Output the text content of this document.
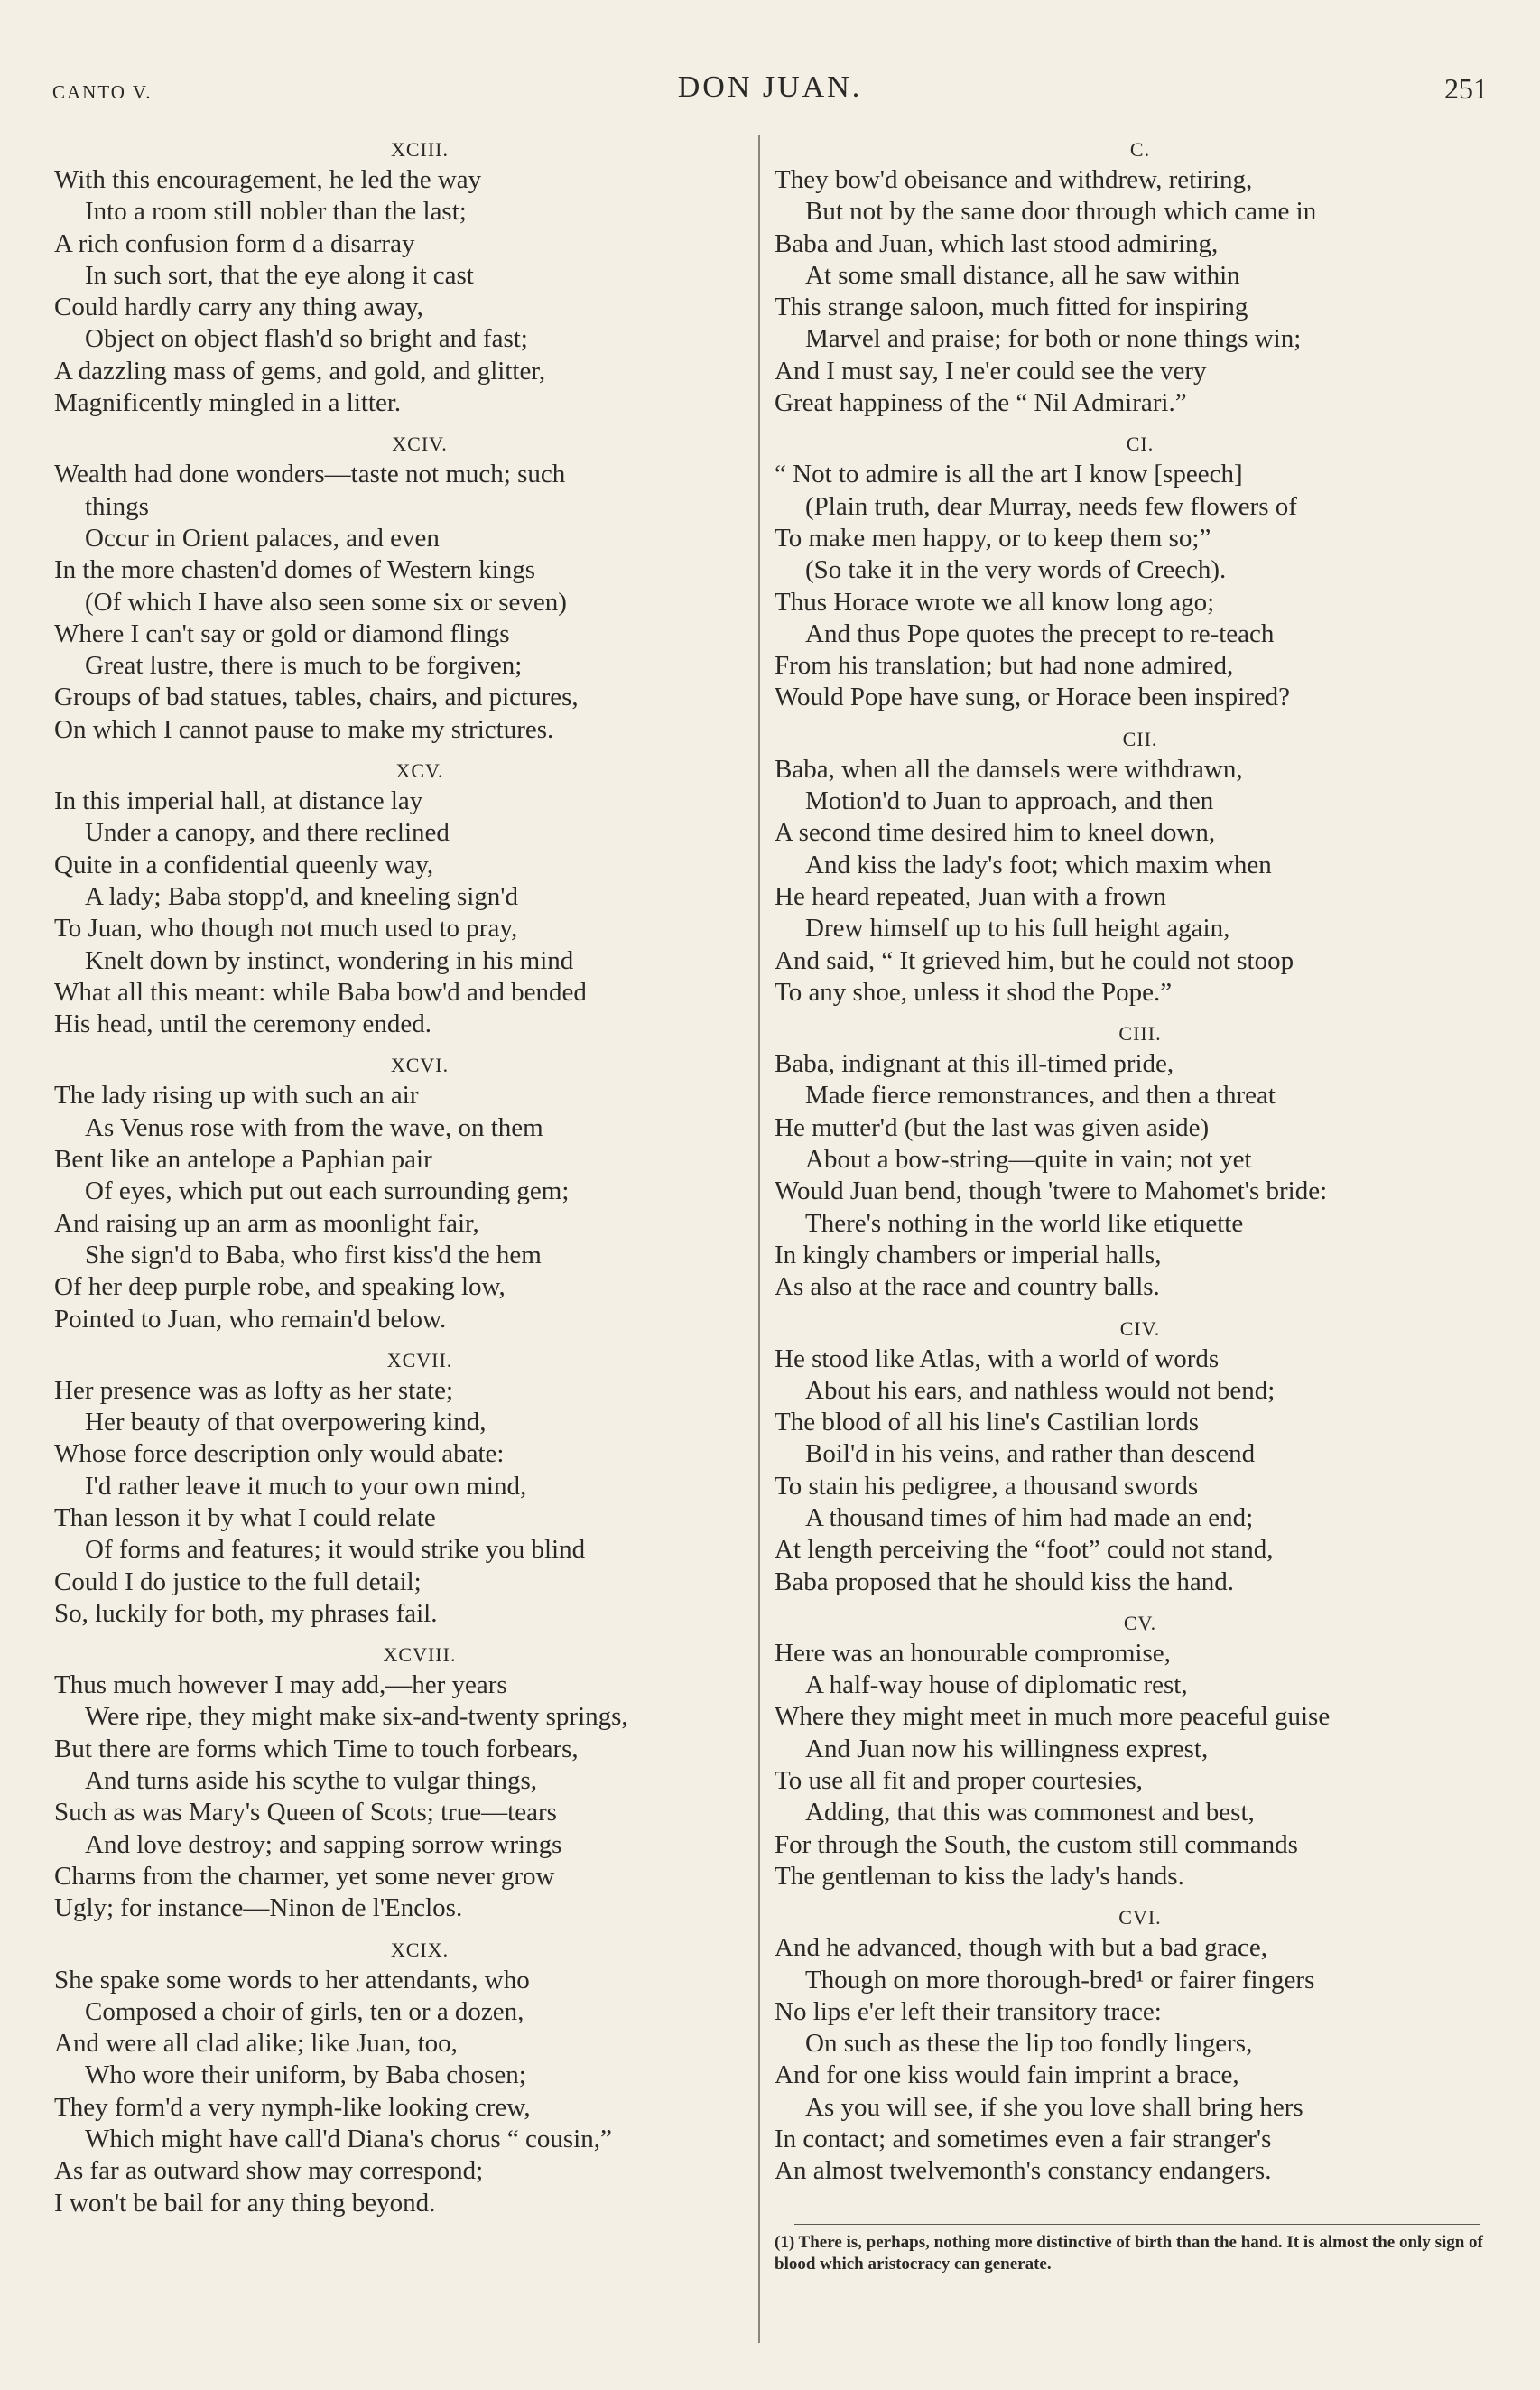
CANTO V.	DON JUAN.	251
XCIII.
With this encouragement, he led the way
Into a room still nobler than the last;
A rich confusion form d a disarray
In such sort, that the eye along it cast
Could hardly carry any thing away,
Object on object flash'd so bright and fast;
A dazzling mass of gems, and gold, and glitter,
Magnificently mingled in a litter.
XCIV.
Wealth had done wonders—taste not much; such
things
Occur in Orient palaces, and even
In the more chasten'd domes of Western kings
(Of which I have also seen some six or seven)
Where I can't say or gold or diamond flings
Great lustre, there is much to be forgiven;
Groups of bad statues, tables, chairs, and pictures,
On which I cannot pause to make my strictures.
XCV.
In this imperial hall, at distance lay
Under a canopy, and there reclined
Quite in a confidential queenly way,
A lady; Baba stopp'd, and kneeling sign'd
To Juan, who though not much used to pray,
Knelt down by instinct, wondering in his mind
What all this meant: while Baba bow'd and bended
His head, until the ceremony ended.
XCVI.
The lady rising up with such an air
As Venus rose with from the wave, on them
Bent like an antelope a Paphian pair
Of eyes, which put out each surrounding gem;
And raising up an arm as moonlight fair,
She sign'd to Baba, who first kiss'd the hem
Of her deep purple robe, and speaking low,
Pointed to Juan, who remain'd below.
XCVII.
Her presence was as lofty as her state;
Her beauty of that overpowering kind,
Whose force description only would abate:
I'd rather leave it much to your own mind,
Than lesson it by what I could relate
Of forms and features; it would strike you blind
Could I do justice to the full detail;
So, luckily for both, my phrases fail.
XCVIII.
Thus much however I may add,—her years
Were ripe, they might make six-and-twenty springs,
But there are forms which Time to touch forbears,
And turns aside his scythe to vulgar things,
Such as was Mary's Queen of Scots; true—tears
And love destroy; and sapping sorrow wrings
Charms from the charmer, yet some never grow
Ugly; for instance—Ninon de l'Enclos.
XCIX.
She spake some words to her attendants, who
Composed a choir of girls, ten or a dozen,
And were all clad alike; like Juan, too,
Who wore their uniform, by Baba chosen;
They form'd a very nymph-like looking crew,
Which might have call'd Diana's chorus “ cousin,”
As far as outward show may correspond;
I won't be bail for any thing beyond.
C.
They bow'd obeisance and withdrew, retiring,
But not by the same door through which came in
Baba and Juan, which last stood admiring,
At some small distance, all he saw within
This strange saloon, much fitted for inspiring
Marvel and praise; for both or none things win;
And I must say, I ne'er could see the very
Great happiness of the “ Nil Admirari.”
CI.
“ Not to admire is all the art I know [speech]
(Plain truth, dear Murray, needs few flowers of
To make men happy, or to keep them so;”
(So take it in the very words of Creech).
Thus Horace wrote we all know long ago;
And thus Pope quotes the precept to re-teach
From his translation; but had none admired,
Would Pope have sung, or Horace been inspired?
CII.
Baba, when all the damsels were withdrawn,
Motion'd to Juan to approach, and then
A second time desired him to kneel down,
And kiss the lady's foot; which maxim when
He heard repeated, Juan with a frown
Drew himself up to his full height again,
And said, “ It grieved him, but he could not stoop
To any shoe, unless it shod the Pope.”
CIII.
Baba, indignant at this ill-timed pride,
Made fierce remonstrances, and then a threat
He mutter'd (but the last was given aside)
About a bow-string—quite in vain; not yet
Would Juan bend, though 'twere to Mahomet's bride:
There's nothing in the world like etiquette
In kingly chambers or imperial halls,
As also at the race and country balls.
CIV.
He stood like Atlas, with a world of words
About his ears, and nathless would not bend;
The blood of all his line's Castilian lords
Boil'd in his veins, and rather than descend
To stain his pedigree, a thousand swords
A thousand times of him had made an end;
At length perceiving the “foot” could not stand,
Baba proposed that he should kiss the hand.
CV.
Here was an honourable compromise,
A half-way house of diplomatic rest,
Where they might meet in much more peaceful guise
And Juan now his willingness exprest,
To use all fit and proper courtesies,
Adding, that this was commonest and best,
For through the South, the custom still commands
The gentleman to kiss the lady's hands.
CVI.
And he advanced, though with but a bad grace,
Though on more thorough-bred¹ or fairer fingers
No lips e'er left their transitory trace:
On such as these the lip too fondly lingers,
And for one kiss would fain imprint a brace,
As you will see, if she you love shall bring hers
In contact; and sometimes even a fair stranger's
An almost twelvemonth's constancy endangers.
(1) There is, perhaps, nothing more distinctive of birth than the hand. It is almost the only sign of blood which aristocracy can generate.
